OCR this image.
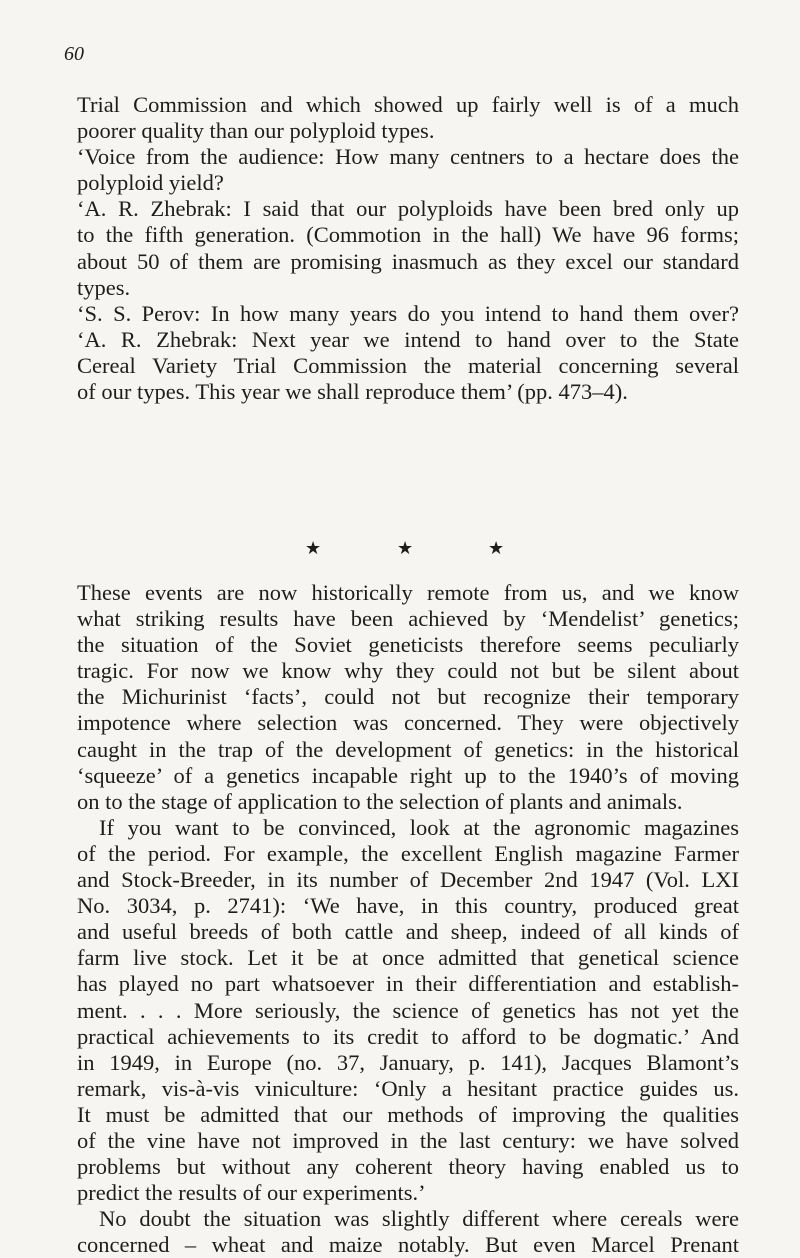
60
Trial Commission and which showed up fairly well is of a much
poorer quality than our polyploid types.
‘Voice from the audience: How many centners to a hectare does the
polyploid yield?
‘A. R. Zhebrak: I said that our polyploids have been bred only up
to the fifth generation. (Commotion in the hall) We have 96 forms;
about 50 of them are promising inasmuch as they excel our standard
types.
‘S. S. Perov: In how many years do you intend to hand them over?
‘A. R. Zhebrak: Next year we intend to hand over to the State
Cereal Variety Trial Commission the material concerning several
of our types. This year we shall reproduce them’ (pp. 473–4).
★	★	★
These events are now historically remote from us, and we know
what striking results have been achieved by ‘Mendelist’ genetics;
the situation of the Soviet geneticists therefore seems peculiarly
tragic. For now we know why they could not but be silent about
the Michurinist ‘facts’, could not but recognize their temporary
impotence where selection was concerned. They were objectively
caught in the trap of the development of genetics: in the historical
‘squeeze’ of a genetics incapable right up to the 1940’s of moving
on to the stage of application to the selection of plants and animals.
If you want to be convinced, look at the agronomic magazines
of the period. For example, the excellent English magazine Farmer
and Stock-Breeder, in its number of December 2nd 1947 (Vol. LXI
No. 3034, p. 2741): ‘We have, in this country, produced great
and useful breeds of both cattle and sheep, indeed of all kinds of
farm live stock. Let it be at once admitted that genetical science
has played no part whatsoever in their differentiation and establish-
ment. . . . More seriously, the science of genetics has not yet the
practical achievements to its credit to afford to be dogmatic.’ And
in 1949, in Europe (no. 37, January, p. 141), Jacques Blamont’s
remark, vis-à-vis viniculture: ‘Only a hesitant practice guides us.
It must be admitted that our methods of improving the qualities
of the vine have not improved in the last century: we have solved
problems but without any coherent theory having enabled us to
predict the results of our experiments.’
No doubt the situation was slightly different where cereals were
concerned – wheat and maize notably. But even Marcel Prenant
